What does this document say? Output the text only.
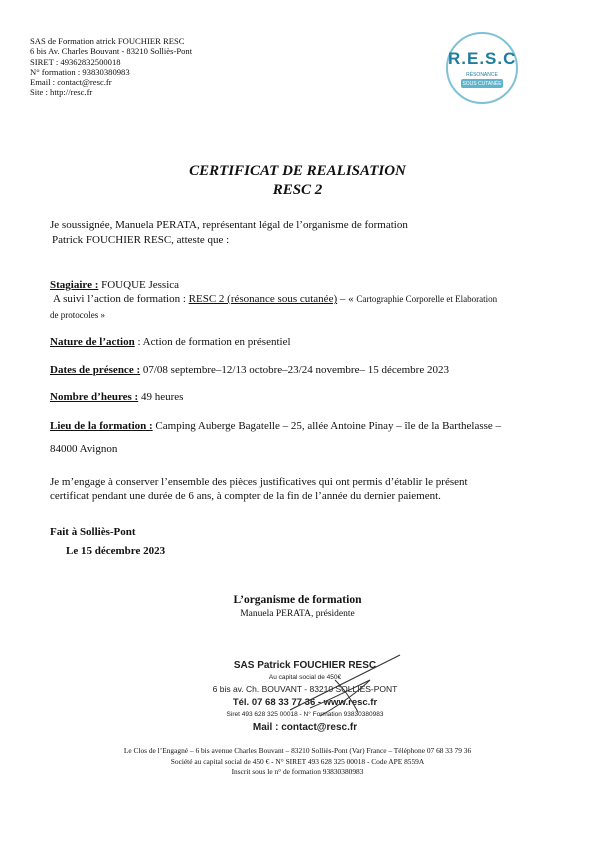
SAS de Formation atrick FOUCHIER RESC
6 bis Av. Charles Bouvant - 83210 Solliès-Pont
SIRET : 49362832500018
N° formation : 93830380983
Email : contact@resc.fr
Site : http://resc.fr
R.E.S.C
RÉSONANCE
SOUS CUTANÉE
CERTIFICAT DE REALISATION
RESC 2
Je soussignée, Manuela PERATA, représentant légal de l’organisme de formation
Patrick FOUCHIER RESC, atteste que :
Stagiaire : FOUQUE Jessica
A suivi l’action de formation : RESC 2 (résonance sous cutanée) – « Cartographie Corporelle et Elaboration
de protocoles »
Nature de l’action : Action de formation en présentiel
Dates de présence : 07/08 septembre–12/13 octobre–23/24 novembre– 15 décembre 2023
Nombre d’heures : 49 heures
Lieu de la formation : Camping Auberge Bagatelle – 25, allée Antoine Pinay – île de la Barthelasse –
84000 Avignon
Je m’engage à conserver l’ensemble des pièces justificatives qui ont permis d’établir le présent
certificat pendant une durée de 6 ans, à compter de la fin de l’année du dernier paiement.
Fait à Solliès-Pont
Le 15 décembre 2023
L’organisme de formation
Manuela PERATA, présidente
SAS Patrick FOUCHIER RESC
Au capital social de 450€
6 bis av. Ch. BOUVANT - 83210 SOLLIES-PONT
Tél. 07 68 33 77 36 - www.resc.fr
Siret 493 628 325 00018 - N° Formation 93830380983
Mail : contact@resc.fr
Le Clos de l’Engagné – 6 bis avenue Charles Bouvant – 83210 Solliès-Pont (Var) France – Téléphone 07 68 33 79 36
Société au capital social de 450 € - N° SIRET 493 628 325 00018 - Code APE 8559A
Inscrit sous le n° de formation 93830380983
